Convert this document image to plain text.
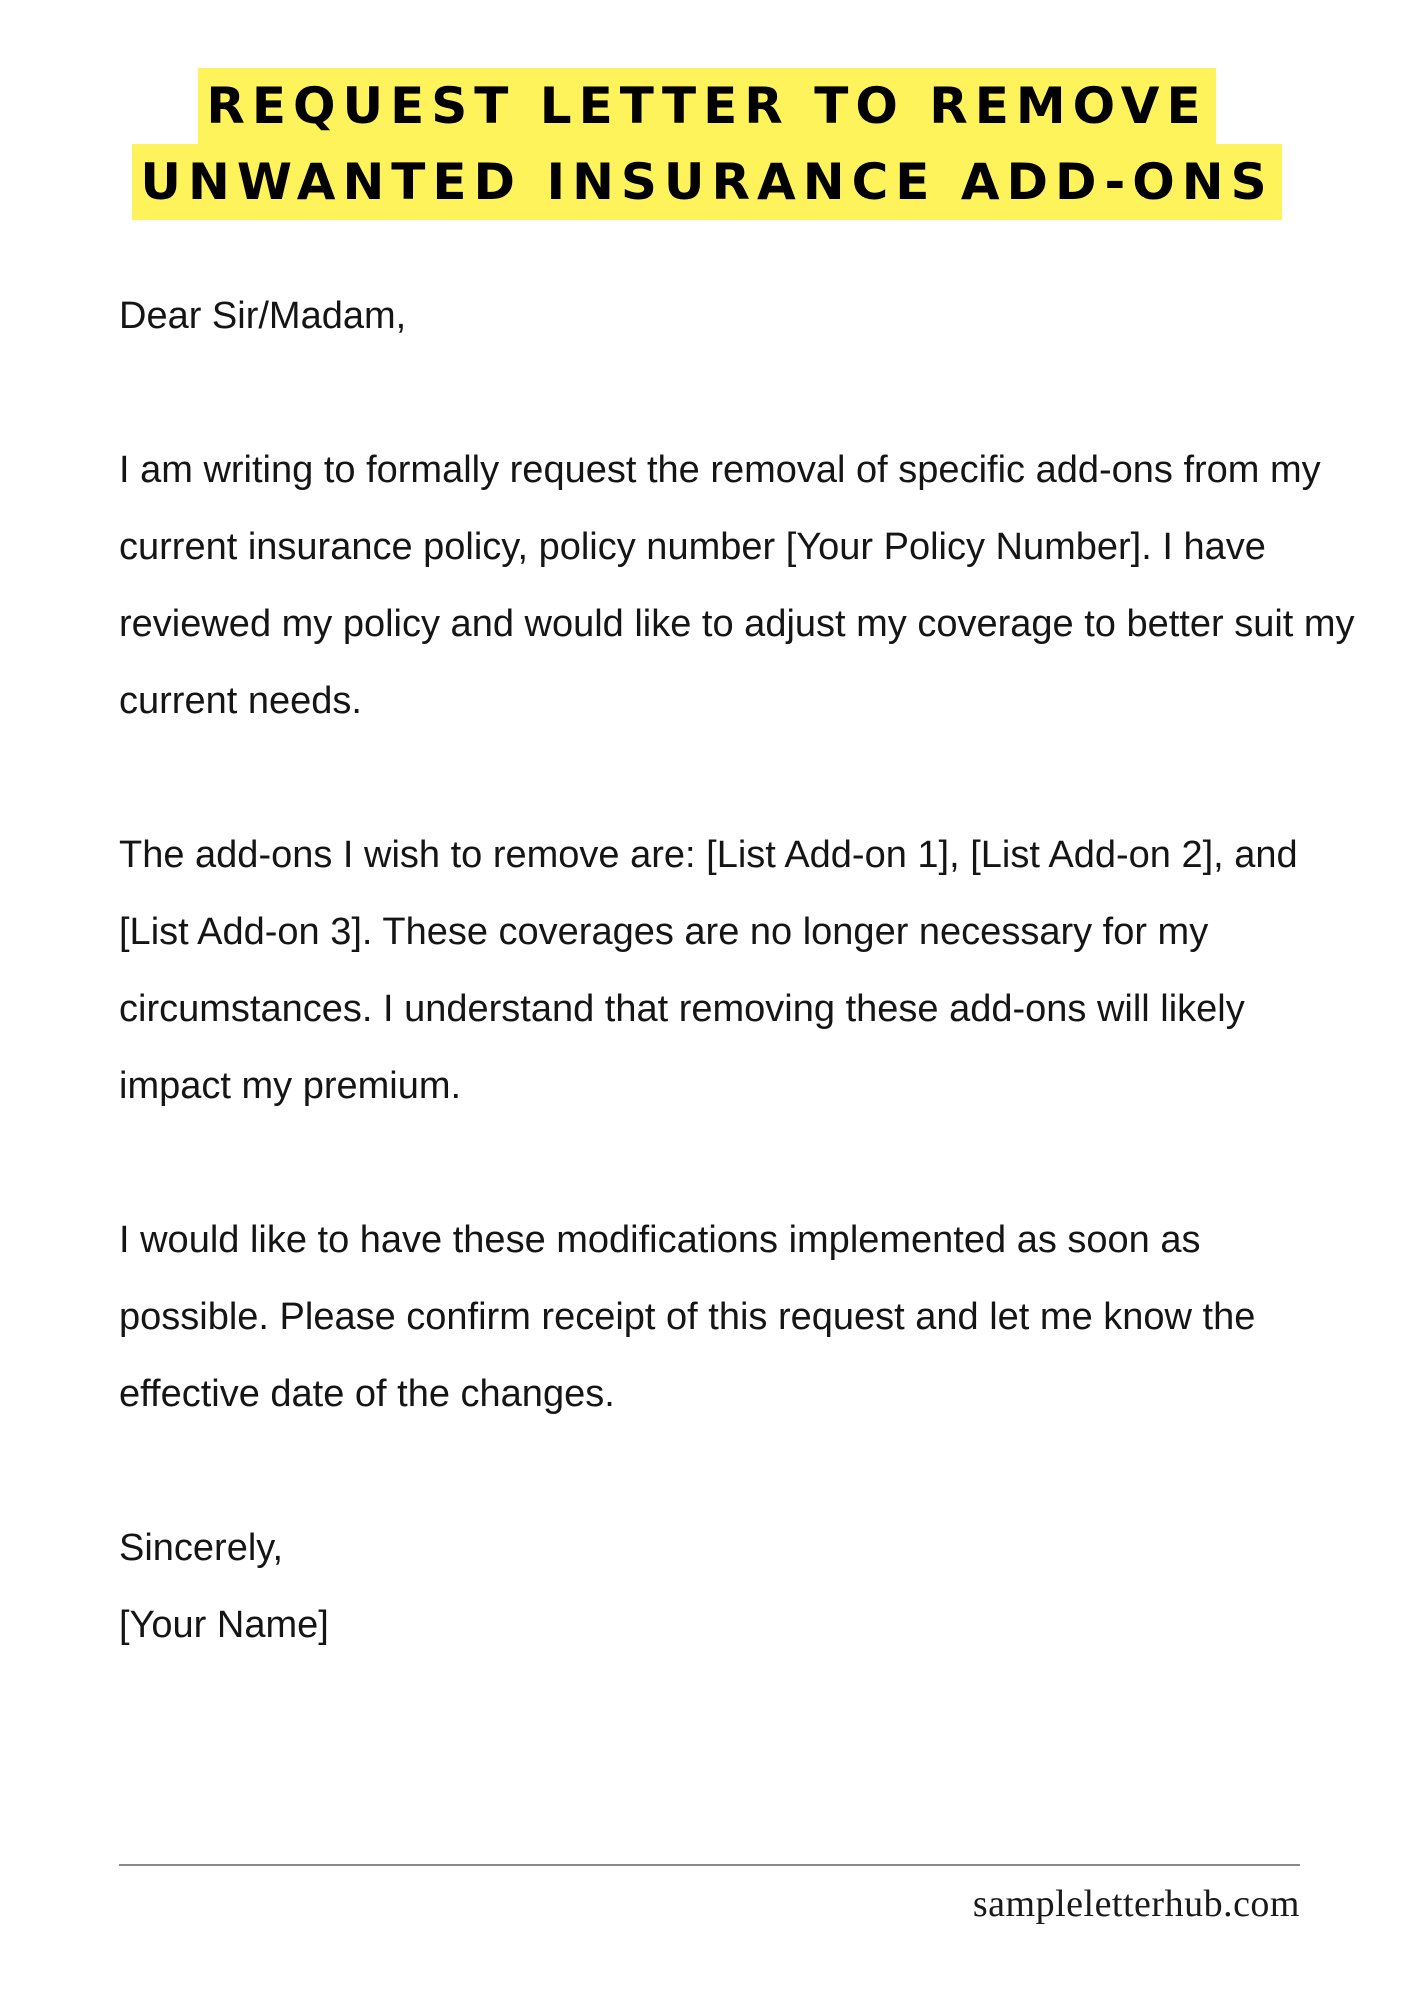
REQUEST LETTER TO REMOVE
UNWANTED INSURANCE ADD-ONS

Dear Sir/Madam,

I am writing to formally request the removal of specific add-ons from my current insurance policy, policy number [Your Policy Number]. I have reviewed my policy and would like to adjust my coverage to better suit my current needs.

The add-ons I wish to remove are: [List Add-on 1], [List Add-on 2], and [List Add-on 3]. These coverages are no longer necessary for my circumstances. I understand that removing these add-ons will likely impact my premium.

I would like to have these modifications implemented as soon as possible. Please confirm receipt of this request and let me know the effective date of the changes.

Sincerely,

[Your Name]

sampleletterhub.com
